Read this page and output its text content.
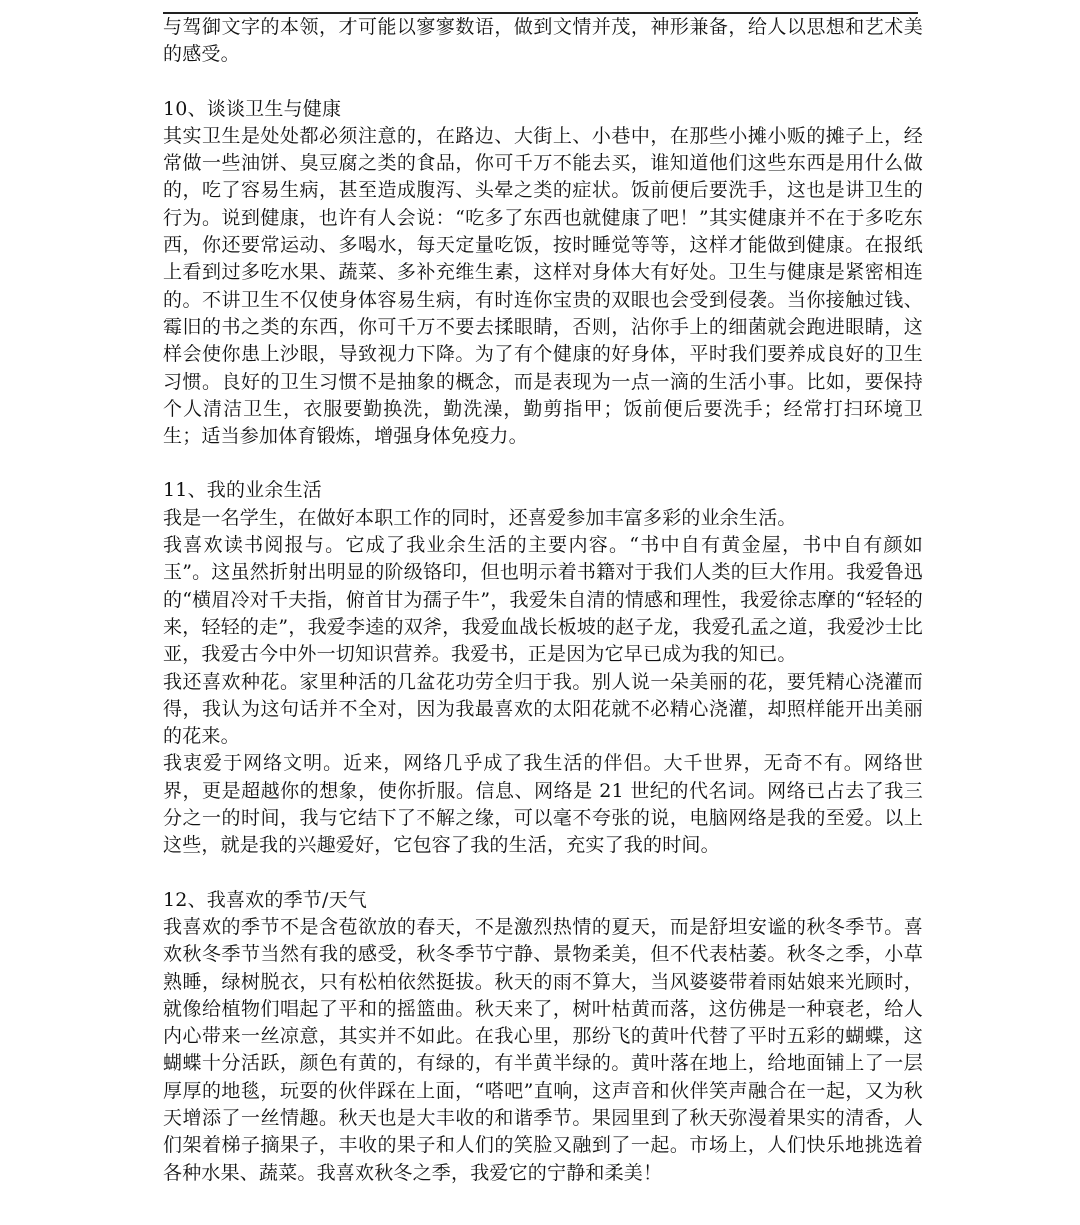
与驾御文字的本领，才可能以寥寥数语，做到文情并茂，神形兼备，给人以思想和艺术美的感受。

10、谈谈卫生与健康

其实卫生是处处都必须注意的，在路边、大街上、小巷中，在那些小摊小贩的摊子上，经常做一些油饼、臭豆腐之类的食品，你可千万不能去买，谁知道他们这些东西是用什么做的，吃了容易生病，甚至造成腹泻、头晕之类的症状。饭前便后要洗手，这也是讲卫生的行为。说到健康，也许有人会说：“吃多了东西也就健康了吧！”其实健康并不在于多吃东西，你还要常运动、多喝水，每天定量吃饭，按时睡觉等等，这样才能做到健康。在报纸上看到过多吃水果、蔬菜、多补充维生素，这样对身体大有好处。卫生与健康是紧密相连的。不讲卫生不仅使身体容易生病，有时连你宝贵的双眼也会受到侵袭。当你接触过钱、霉旧的书之类的东西，你可千万不要去揉眼睛，否则，沾你手上的细菌就会跑进眼睛，这样会使你患上沙眼，导致视力下降。为了有个健康的好身体，平时我们要养成良好的卫生习惯。良好的卫生习惯不是抽象的概念，而是表现为一点一滴的生活小事。比如，要保持个人清洁卫生，衣服要勤换洗，勤洗澡，勤剪指甲；饭前便后要洗手；经常打扫环境卫生；适当参加体育锻炼，增强身体免疫力。

11、我的业余生活

我是一名学生，在做好本职工作的同时，还喜爱参加丰富多彩的业余生活。

我喜欢读书阅报与。它成了我业余生活的主要内容。“书中自有黄金屋，书中自有颜如玉”。这虽然折射出明显的阶级铬印，但也明示着书籍对于我们人类的巨大作用。我爱鲁迅的“横眉冷对千夫指，俯首甘为孺子牛”，我爱朱自清的情感和理性，我爱徐志摩的“轻轻的来，轻轻的走”，我爱李逵的双斧，我爱血战长板坡的赵子龙，我爱孔孟之道，我爱沙士比亚，我爱古今中外一切知识营养。我爱书，正是因为它早已成为我的知已。

我还喜欢种花。家里种活的几盆花功劳全归于我。别人说一朵美丽的花，要凭精心浇灌而得，我认为这句话并不全对，因为我最喜欢的太阳花就不必精心浇灌，却照样能开出美丽的花来。

我衷爱于网络文明。近来，网络几乎成了我生活的伴侣。大千世界，无奇不有。网络世界，更是超越你的想象，使你折服。信息、网络是 21 世纪的代名词。网络已占去了我三分之一的时间，我与它结下了不解之缘，可以毫不夸张的说，电脑网络是我的至爱。以上这些，就是我的兴趣爱好，它包容了我的生活，充实了我的时间。

12、我喜欢的季节/天气

我喜欢的季节不是含苞欲放的春天，不是激烈热情的夏天，而是舒坦安谧的秋冬季节。喜欢秋冬季节当然有我的感受，秋冬季节宁静、景物柔美，但不代表枯萎。秋冬之季，小草熟睡，绿树脱衣，只有松柏依然挺拔。秋天的雨不算大，当风婆婆带着雨姑娘来光顾时，就像给植物们唱起了平和的摇篮曲。秋天来了，树叶枯黄而落，这仿佛是一种衰老，给人内心带来一丝凉意，其实并不如此。在我心里，那纷飞的黄叶代替了平时五彩的蝴蝶，这蝴蝶十分活跃，颜色有黄的，有绿的，有半黄半绿的。黄叶落在地上，给地面铺上了一层厚厚的地毯，玩耍的伙伴踩在上面，“嗒吧”直响，这声音和伙伴笑声融合在一起，又为秋天增添了一丝情趣。秋天也是大丰收的和谐季节。果园里到了秋天弥漫着果实的清香，人们架着梯子摘果子，丰收的果子和人们的笑脸又融到了一起。市场上，人们快乐地挑选着各种水果、蔬菜。我喜欢秋冬之季，我爱它的宁静和柔美！
